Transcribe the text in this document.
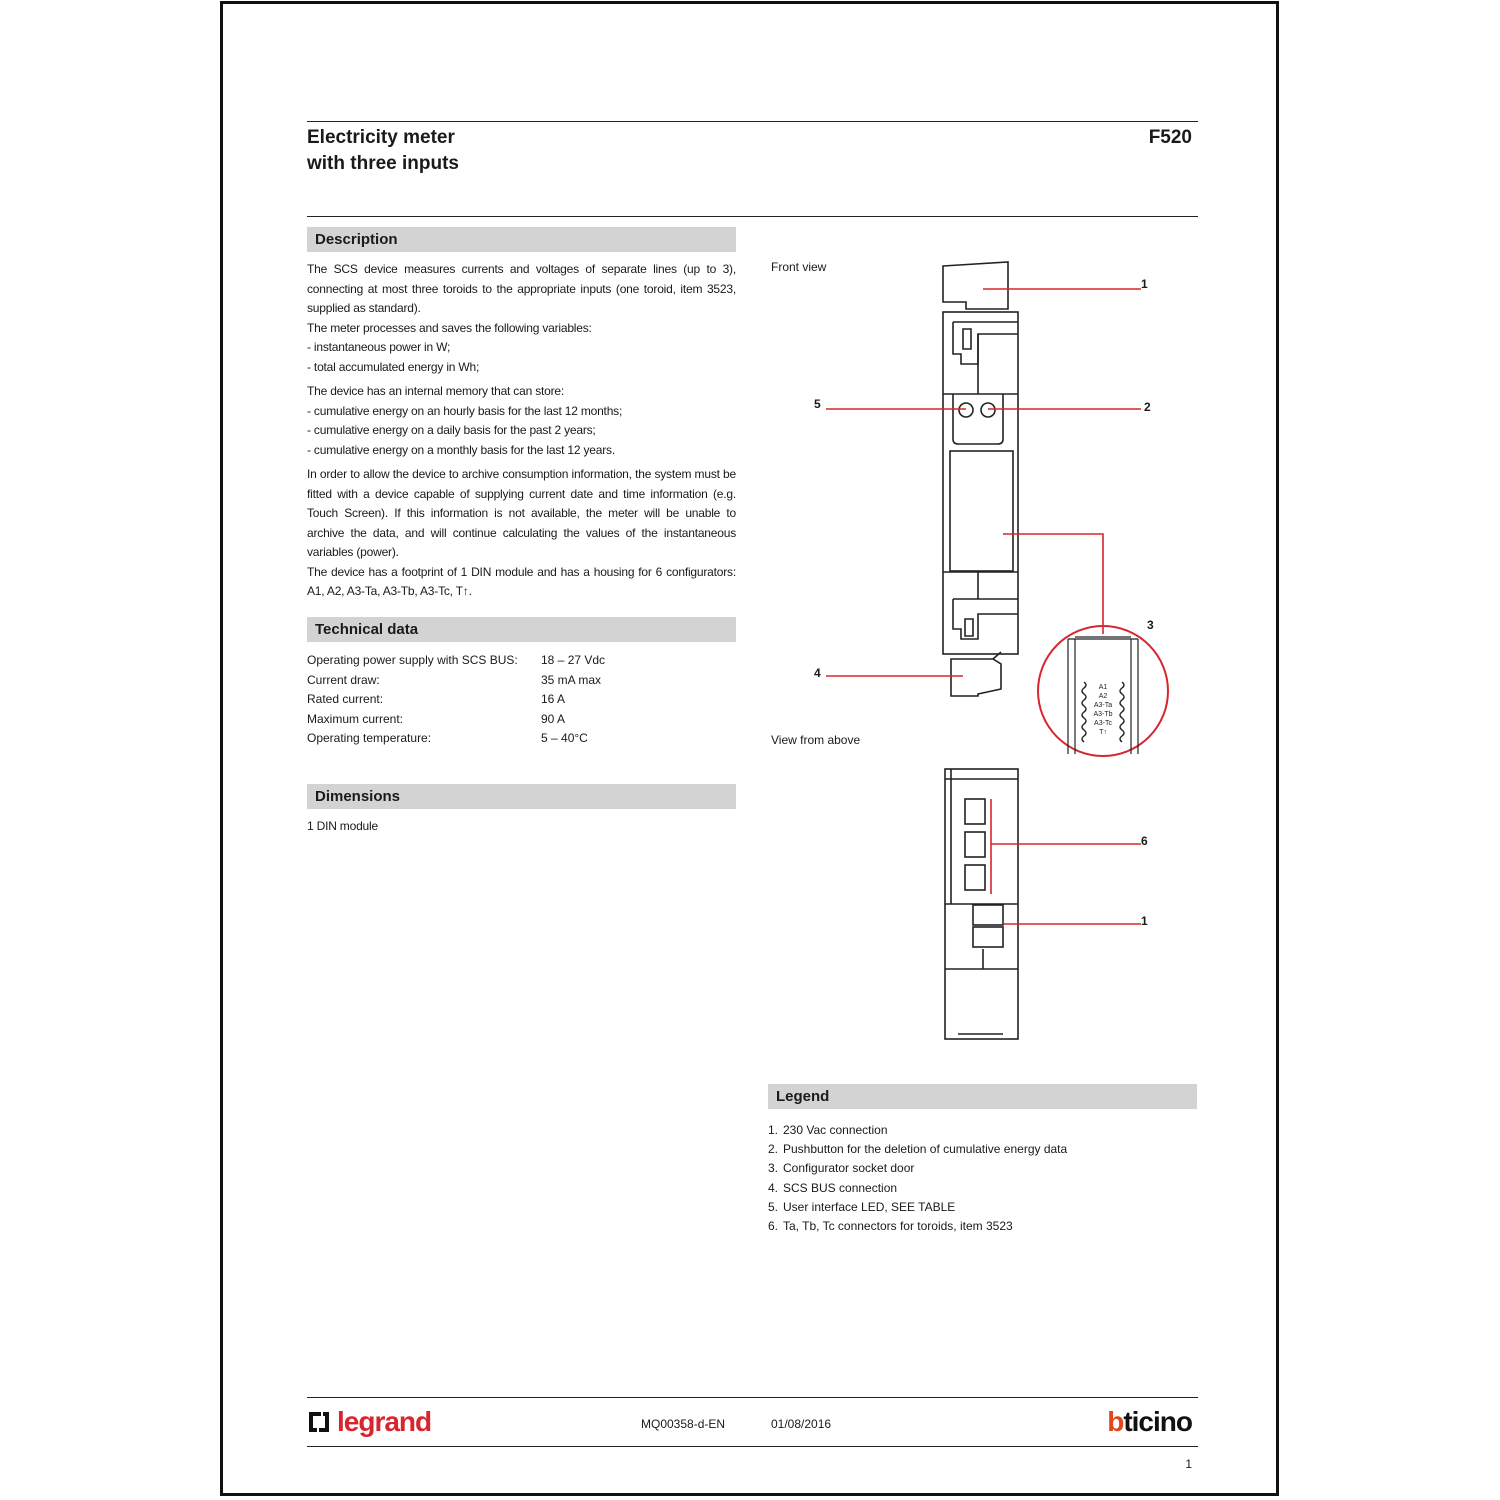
Electricity meter
with three inputs
F520
Description

The SCS device measures currents and voltages of separate lines (up to 3), connecting at most three toroids to the appropriate inputs (one toroid, item 3523, supplied as standard).

The meter processes and saves the following variables:

- instantaneous power in W;

- total accumulated energy in Wh;

The device has an internal memory that can store:

- cumulative energy on an hourly basis for the last 12 months;

- cumulative energy on a daily basis for the past 2 years;

- cumulative energy on a monthly basis for the last 12 years.

In order to allow the device to archive consumption information, the system must be fitted with a device capable of supplying current date and time information (e.g. Touch Screen). If this information is not available, the meter will be unable to archive the data, and will continue calculating the values of the instantaneous variables (power).

The device has a footprint of 1 DIN module and has a housing for 6 configurators: A1, A2, A3-Ta, A3-Tb, A3-Tc, T↑.

Technical data
Operating power supply with SCS BUS:	18 – 27 Vdc
Current draw:	35 mA max
Rated current:	16 A
Maximum current:	90 A
Operating temperature:	5 – 40°C
Dimensions
1 DIN module
Front view
View from above
A1
A2
A3-Ta
A3-Tb
A3-Tc
T↑
1
2
3
4
5
6
1
Legend
1. 230 Vac connection
2. Pushbutton for the deletion of cumulative energy data
3. Configurator socket door
4. SCS BUS connection
5. User interface LED, SEE TABLE
6. Ta, Tb, Tc connectors for toroids, item 3523
legrand	MQ00358-d-EN	01/08/2016	bticino
1
